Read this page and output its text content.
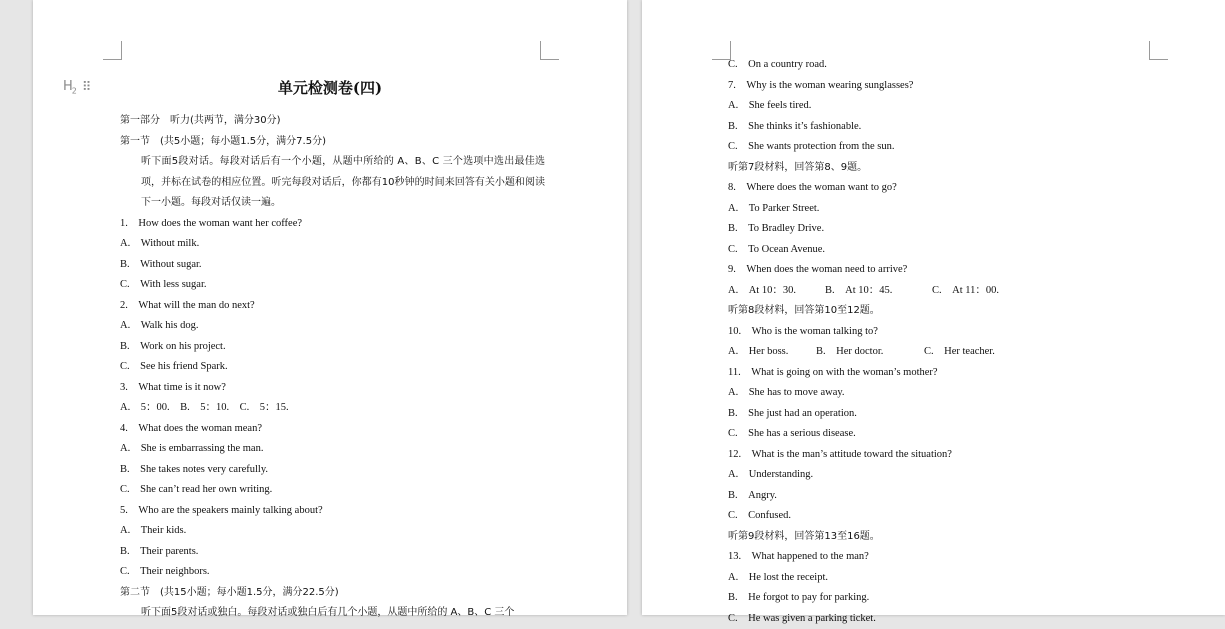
$H_2$ ⠿	单元检测卷(四)
第一部分　听力(共两节，满分30分)
第一节　(共5小题；每小题1.5分，满分7.5分)
听下面5段对话。每段对话后有一个小题，从题中所给的 A、B、C 三个选项中选出最佳选项，并标在试卷的相应位置。听完每段对话后，你都有10秒钟的时间来回答有关小题和阅读下一小题。每段对话仅读一遍。
1.　How does the woman want her coffee?
A.　Without milk.
B.　Without sugar.
C.　With less sugar.
2.　What will the man do next?
A.　Walk his dog.
B.　Work on his project.
C.　See his friend Spark.
3.　What time is it now?
A.　5：00.　B.　5：10.　C.　5：15.
4.　What does the woman mean?
A.　She is embarrassing the man.
B.　She takes notes very carefully.
C.　She can’t read her own writing.
5.　Who are the speakers mainly talking about?
A.　Their kids.
B.　Their parents.
C.　Their neighbors.
第二节　(共15小题；每小题1.5分，满分22.5分)
听下面5段对话或独白。每段对话或独白后有几个小题，从题中所给的 A、B、C 三个
C.　On a country road.
7.　Why is the woman wearing sunglasses?
A.　She feels tired.
B.　She thinks it’s fashionable.
C.　She wants protection from the sun.
听第7段材料，回答第8、9题。
8.　Where does the woman want to go?
A.　To Parker Street.
B.　To Bradley Drive.
C.　To Ocean Avenue.
9.　When does the woman need to arrive?
A.　At 10：30.	B.　At 10：45.	C.　At 11：00.
听第8段材料，回答第10至12题。
10.　Who is the woman talking to?
A.　Her boss.	B.　Her doctor.	C.　Her teacher.
11.　What is going on with the woman’s mother?
A.　She has to move away.
B.　She just had an operation.
C.　She has a serious disease.
12.　What is the man’s attitude toward the situation?
A.　Understanding.
B.　Angry.
C.　Confused.
听第9段材料，回答第13至16题。
13.　What happened to the man?
A.　He lost the receipt.
B.　He forgot to pay for parking.
C.　He was given a parking ticket.
